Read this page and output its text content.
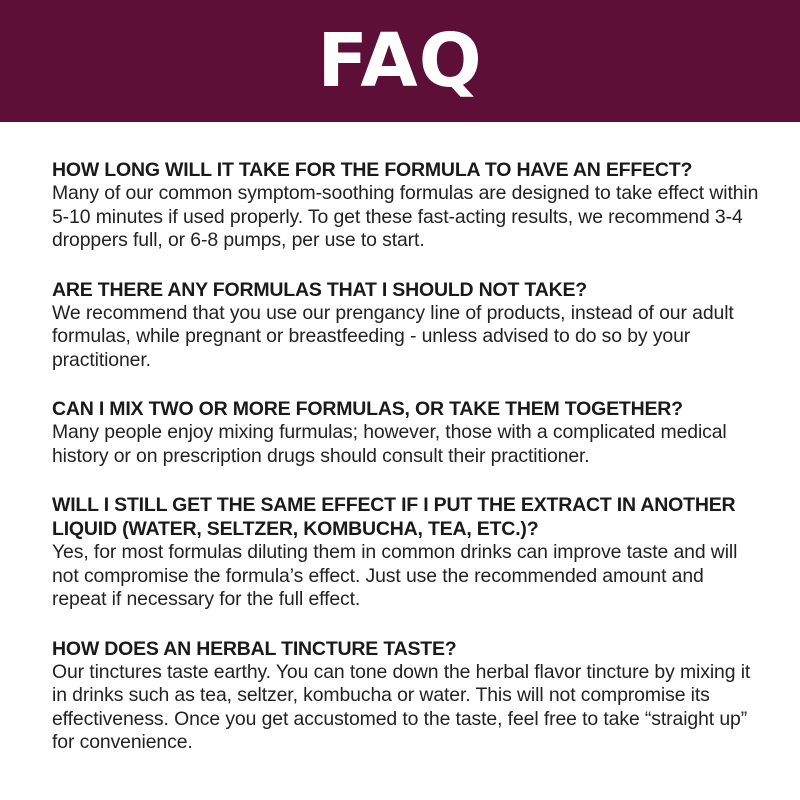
FAQ

HOW LONG WILL IT TAKE FOR THE FORMULA TO HAVE AN EFFECT?

Many of our common symptom-soothing formulas are designed to take effect within 5-10 minutes if used properly. To get these fast-acting results, we recommend 3-4 droppers full, or 6-8 pumps, per use to start.

ARE THERE ANY FORMULAS THAT I SHOULD NOT TAKE?

We recommend that you use our prengancy line of products, instead of our adult formulas, while pregnant or breastfeeding - unless advised to do so by your practitioner.

CAN I MIX TWO OR MORE FORMULAS, OR TAKE THEM TOGETHER?

Many people enjoy mixing furmulas; however, those with a complicated medical history or on prescription drugs should consult their practitioner.

WILL I STILL GET THE SAME EFFECT IF I PUT THE EXTRACT IN ANOTHER LIQUID (WATER, SELTZER, KOMBUCHA, TEA, ETC.)?

Yes, for most formulas diluting them in common drinks can improve taste and will not compromise the formula’s effect. Just use the recommended amount and repeat if necessary for the full effect.

HOW DOES AN HERBAL TINCTURE TASTE?

Our tinctures taste earthy. You can tone down the herbal flavor tincture by mixing it in drinks such as tea, seltzer, kombucha or water. This will not compromise its effectiveness. Once you get accustomed to the taste, feel free to take “straight up” for convenience.
